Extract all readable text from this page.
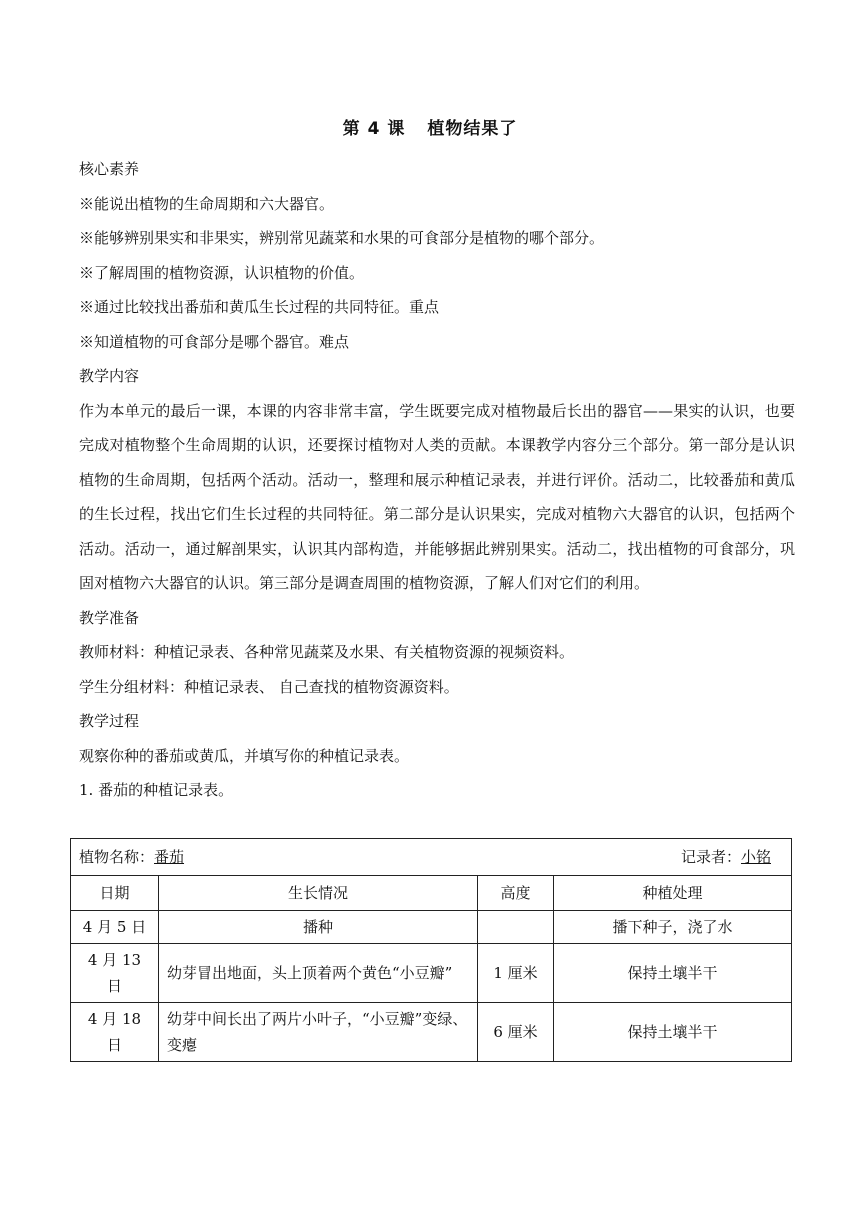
第 4 课 植物结果了

核心素养

※能说出植物的生命周期和六大器官。

※能够辨别果实和非果实，辨别常见蔬菜和水果的可食部分是植物的哪个部分。

※了解周围的植物资源，认识植物的价值。

※通过比较找出番茄和黄瓜生长过程的共同特征。重点

※知道植物的可食部分是哪个器官。难点

教学内容

作为本单元的最后一课，本课的内容非常丰富，学生既要完成对植物最后长出的器官——果实的认识，也要完成对植物整个生命周期的认识，还要探讨植物对人类的贡献。本课教学内容分三个部分。第一部分是认识植物的生命周期，包括两个活动。活动一，整理和展示种植记录表，并进行评价。活动二，比较番茄和黄瓜的生长过程，找出它们生长过程的共同特征。第二部分是认识果实，完成对植物六大器官的认识，包括两个活动。活动一，通过解剖果实，认识其内部构造，并能够据此辨别果实。活动二，找出植物的可食部分，巩固对植物六大器官的认识。第三部分是调查周围的植物资源，了解人们对它们的利用。

教学准备

教师材料：种植记录表、各种常见蔬菜及水果、有关植物资源的视频资料。

学生分组材料：种植记录表、 自己查找的植物资源资料。

教学过程

观察你种的番茄或黄瓜，并填写你的种植记录表。

1. 番茄的种植记录表。

植物名称：番茄 记录者：小铭			

日期	生长情况	高度	种植处理
4 月 5 日	播种		播下种子，浇了水
4 月 13 日	幼芽冒出地面，头上顶着两个黄色“小豆瓣”	1 厘米	保持土壤半干
4 月 18 日	幼芽中间长出了两片小叶子，“小豆瓣”变绿、变瘪	6 厘米	保持土壤半干
